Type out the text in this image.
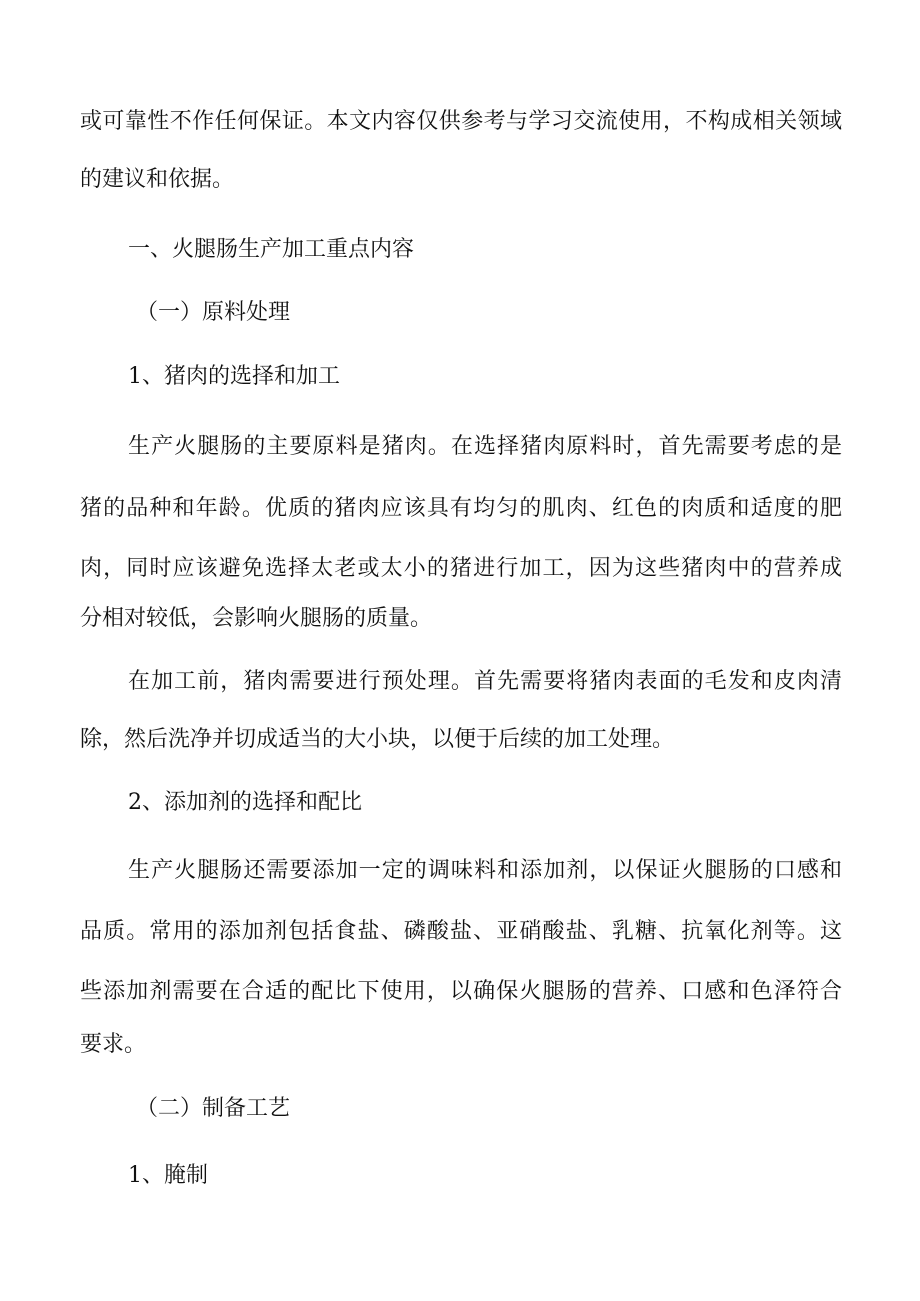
或可靠性不作任何保证。本文内容仅供参考与学习交流使用，不构成相关领域
的建议和依据。
一、火腿肠生产加工重点内容
（一）原料处理
1、猪肉的选择和加工
生产火腿肠的主要原料是猪肉。在选择猪肉原料时，首先需要考虑的是
猪的品种和年龄。优质的猪肉应该具有均匀的肌肉、红色的肉质和适度的肥
肉，同时应该避免选择太老或太小的猪进行加工，因为这些猪肉中的营养成
分相对较低，会影响火腿肠的质量。
在加工前，猪肉需要进行预处理。首先需要将猪肉表面的毛发和皮肉清
除，然后洗净并切成适当的大小块，以便于后续的加工处理。
2、添加剂的选择和配比
生产火腿肠还需要添加一定的调味料和添加剂，以保证火腿肠的口感和
品质。常用的添加剂包括食盐、磷酸盐、亚硝酸盐、乳糖、抗氧化剂等。这
些添加剂需要在合适的配比下使用，以确保火腿肠的营养、口感和色泽符合
要求。
（二）制备工艺
1、腌制
